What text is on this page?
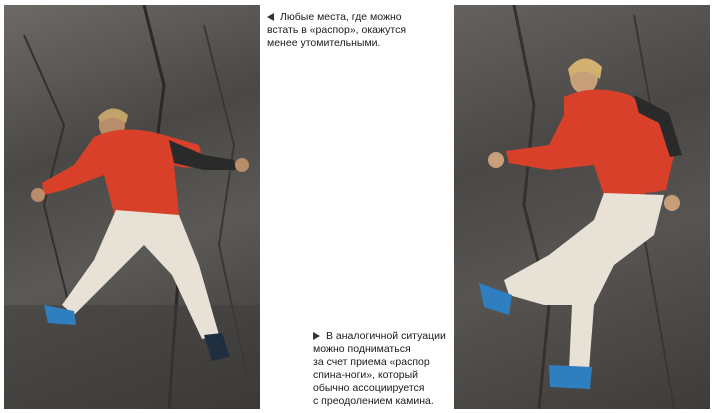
Любые места, где можно
встать в «распор», окажутся
менее утомительными.
В аналогичной ситуации
можно подниматься
за счет приема «распор
спина-ноги», который
обычно ассоциируется
с преодолением камина.
